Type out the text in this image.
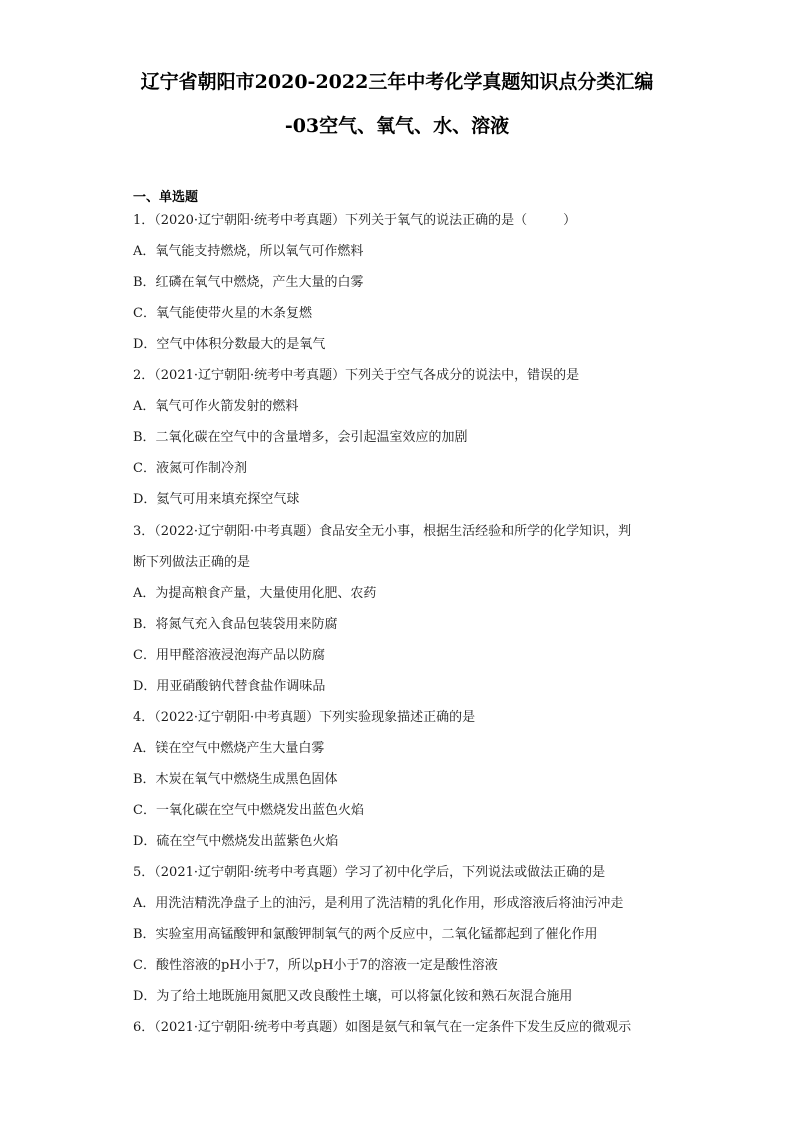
辽宁省朝阳市2020-2022三年中考化学真题知识点分类汇编
-03空气、氧气、水、溶液
一、单选题
1．（2020·辽宁朝阳·统考中考真题）下列关于氧气的说法正确的是（	）
A．氧气能支持燃烧，所以氧气可作燃料
B．红磷在氧气中燃烧，产生大量的白雾
C．氧气能使带火星的木条复燃
D．空气中体积分数最大的是氧气
2．（2021·辽宁朝阳·统考中考真题）下列关于空气各成分的说法中，错误的是
A．氧气可作火箭发射的燃料
B．二氧化碳在空气中的含量增多，会引起温室效应的加剧
C．液氮可作制冷剂
D．氦气可用来填充探空气球
3．（2022·辽宁朝阳·中考真题）食品安全无小事，根据生活经验和所学的化学知识，判
断下列做法正确的是
A．为提高粮食产量，大量使用化肥、农药
B．将氮气充入食品包装袋用来防腐
C．用甲醛溶液浸泡海产品以防腐
D．用亚硝酸钠代替食盐作调味品
4．（2022·辽宁朝阳·中考真题）下列实验现象描述正确的是
A．镁在空气中燃烧产生大量白雾
B．木炭在氧气中燃烧生成黑色固体
C．一氧化碳在空气中燃烧发出蓝色火焰
D．硫在空气中燃烧发出蓝紫色火焰
5．（2021·辽宁朝阳·统考中考真题）学习了初中化学后，下列说法或做法正确的是
A．用洗洁精洗净盘子上的油污，是利用了洗洁精的乳化作用，形成溶液后将油污冲走
B．实验室用高锰酸钾和氯酸钾制氧气的两个反应中，二氧化锰都起到了催化作用
C．酸性溶液的pH小于7，所以pH小于7的溶液一定是酸性溶液
D．为了给土地既施用氮肥又改良酸性土壤，可以将氯化铵和熟石灰混合施用
6．（2021·辽宁朝阳·统考中考真题）如图是氨气和氧气在一定条件下发生反应的微观示
